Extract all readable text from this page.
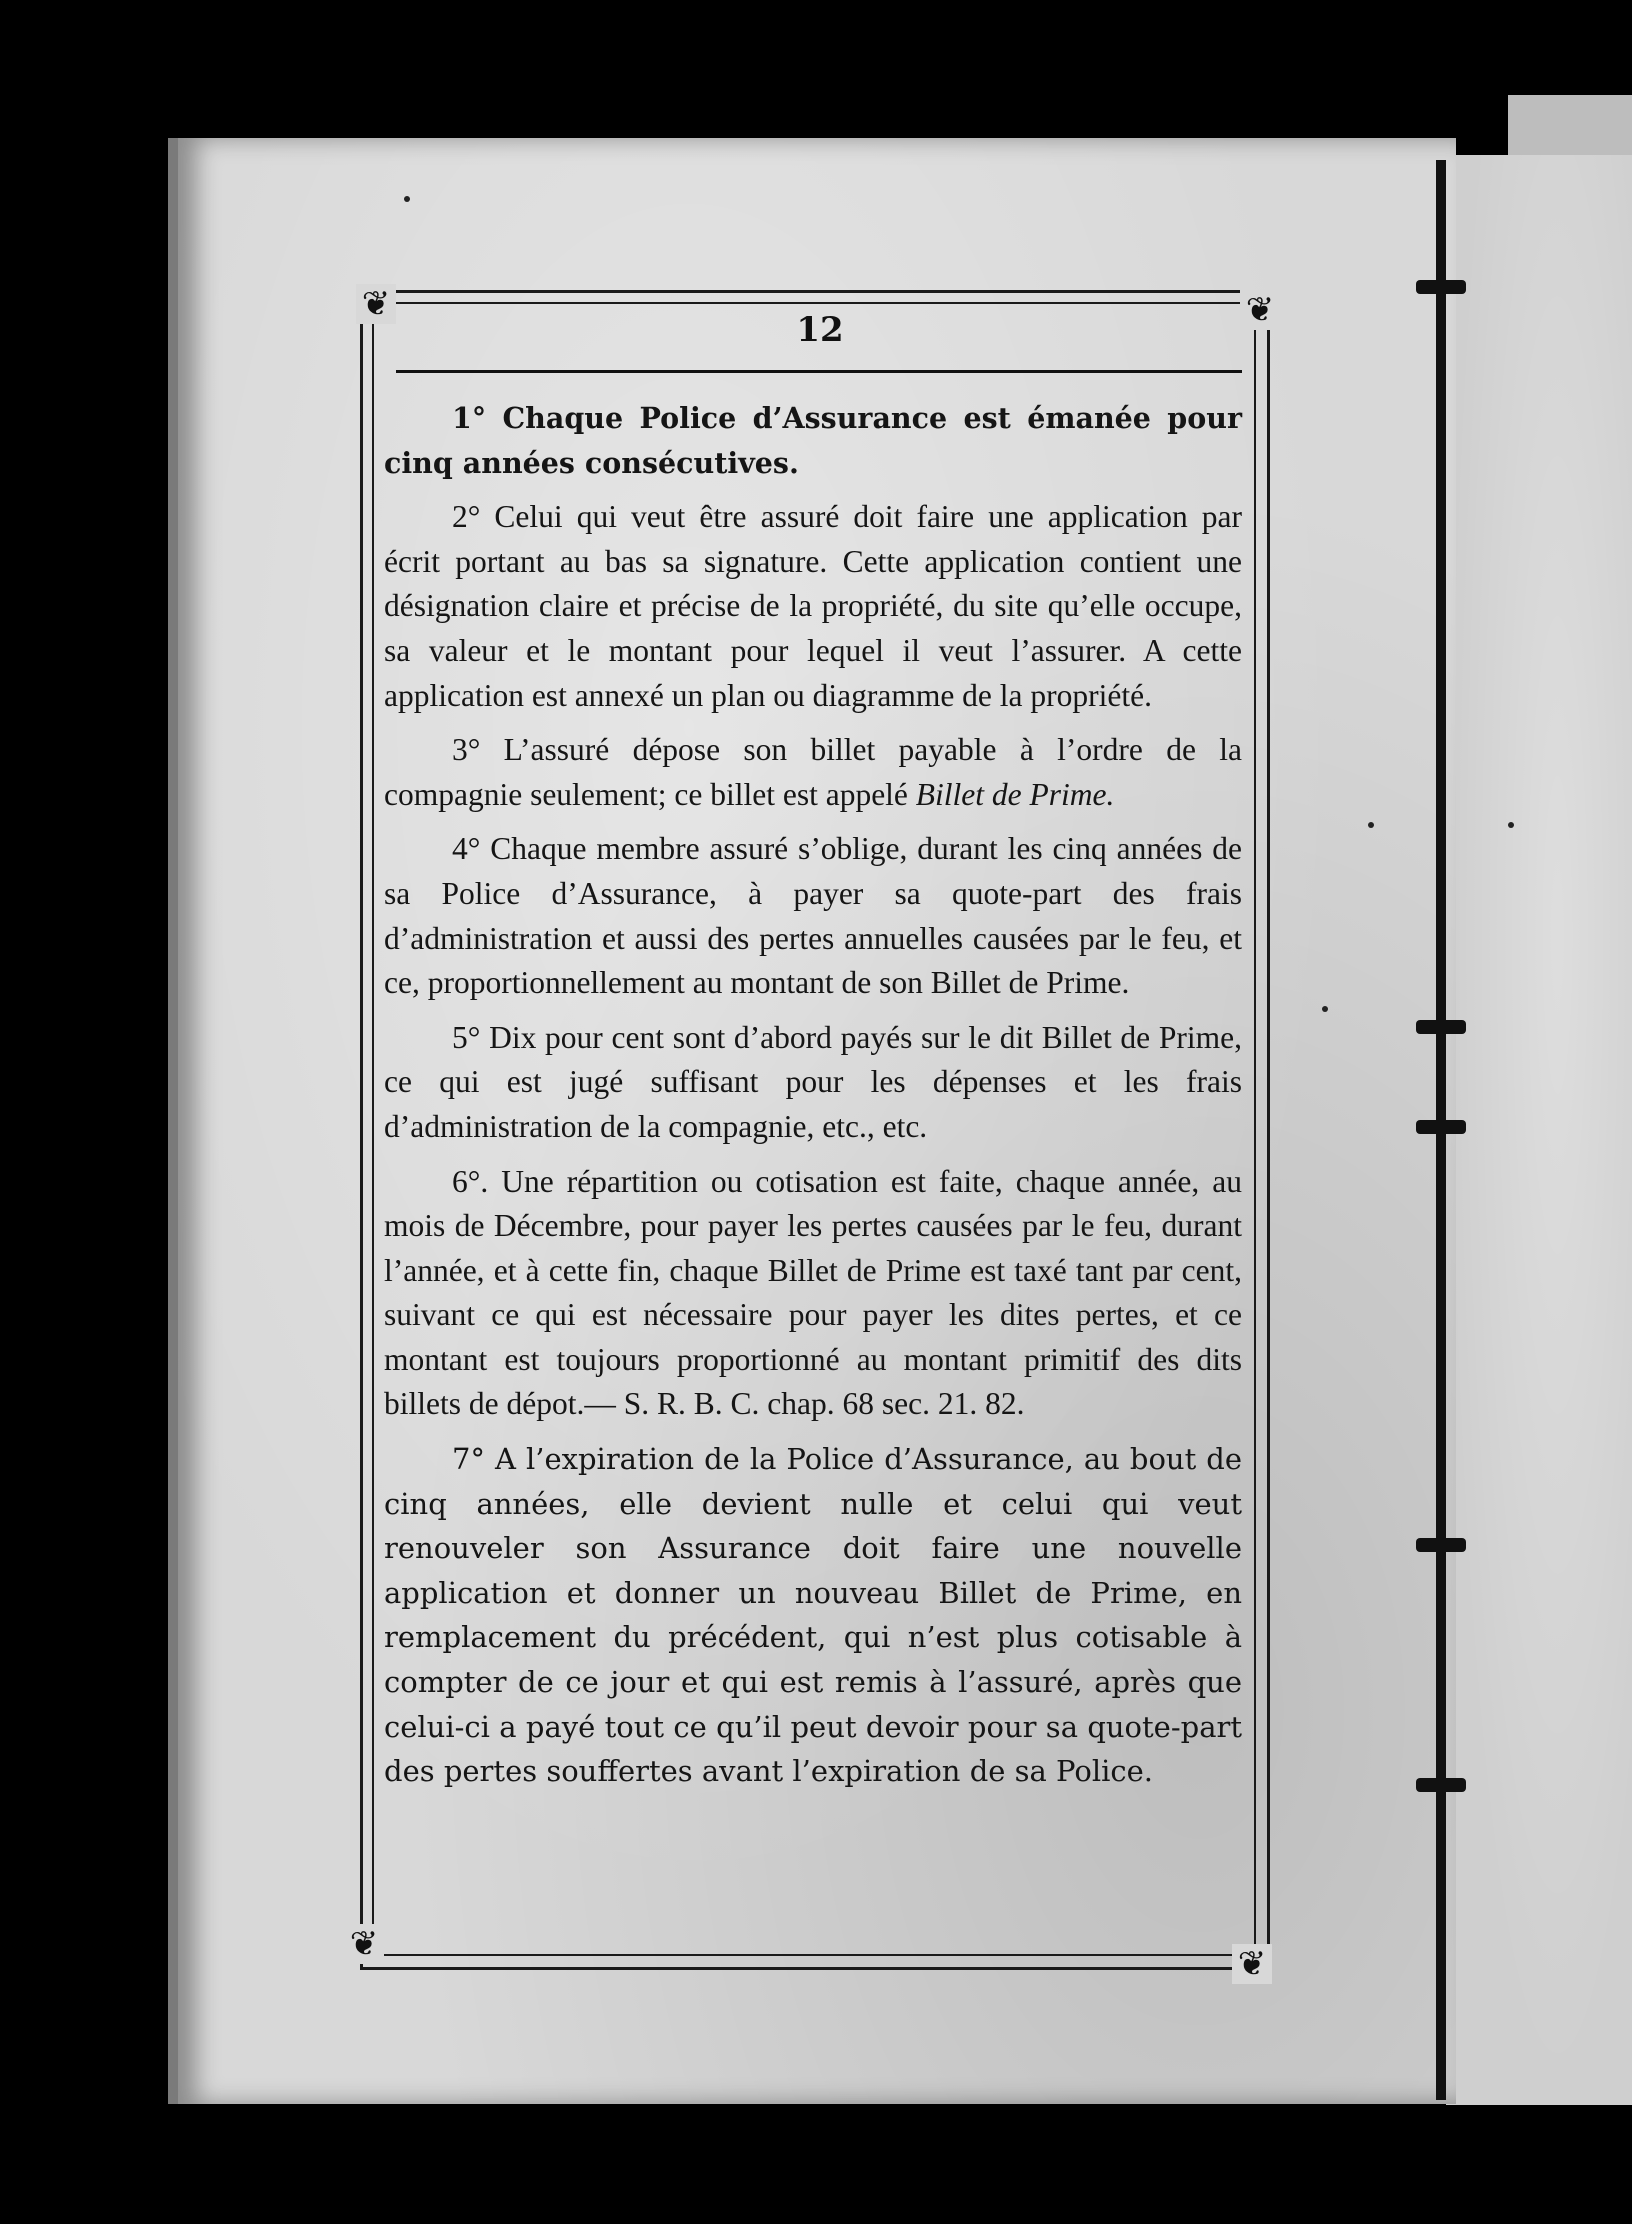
❦	❦
❦	❦
12

1° Chaque Police d’Assurance est émanée pour cinq années consécutives.

2° Celui qui veut être assuré doit faire une application par écrit portant au bas sa signature. Cette application contient une désignation claire et précise de la propriété, du site qu’elle occupe, sa valeur et le montant pour lequel il veut l’assurer. A cette application est annexé un plan ou diagramme de la propriété.

3° L’assuré dépose son billet payable à l’ordre de la compagnie seulement; ce billet est appelé Billet de Prime.

4° Chaque membre assuré s’oblige, durant les cinq années de sa Police d’Assurance, à payer sa quote-part des frais d’administration et aussi des pertes annuelles causées par le feu, et ce, proportionnellement au montant de son Billet de Prime.

5° Dix pour cent sont d’abord payés sur le dit Billet de Prime, ce qui est jugé suffisant pour les dépenses et les frais d’administration de la compagnie, etc., etc.

6°. Une répartition ou cotisation est faite, chaque année, au mois de Décembre, pour payer les pertes causées par le feu, durant l’année, et à cette fin, chaque Billet de Prime est taxé tant par cent, suivant ce qui est nécessaire pour payer les dites pertes, et ce montant est toujours proportionné au montant primitif des dits billets de dépot.— S. R. B. C. chap. 68 sec. 21. 82.

7° A l’expiration de la Police d’Assurance, au bout de cinq années, elle devient nulle et celui qui veut renouveler son Assurance doit faire une nouvelle application et donner un nouveau Billet de Prime, en remplacement du précédent, qui n’est plus cotisable à compter de ce jour et qui est remis à l’assuré, après que celui-ci a payé tout ce qu’il peut devoir pour sa quote-part des pertes souffertes avant l’expiration de sa Police.
